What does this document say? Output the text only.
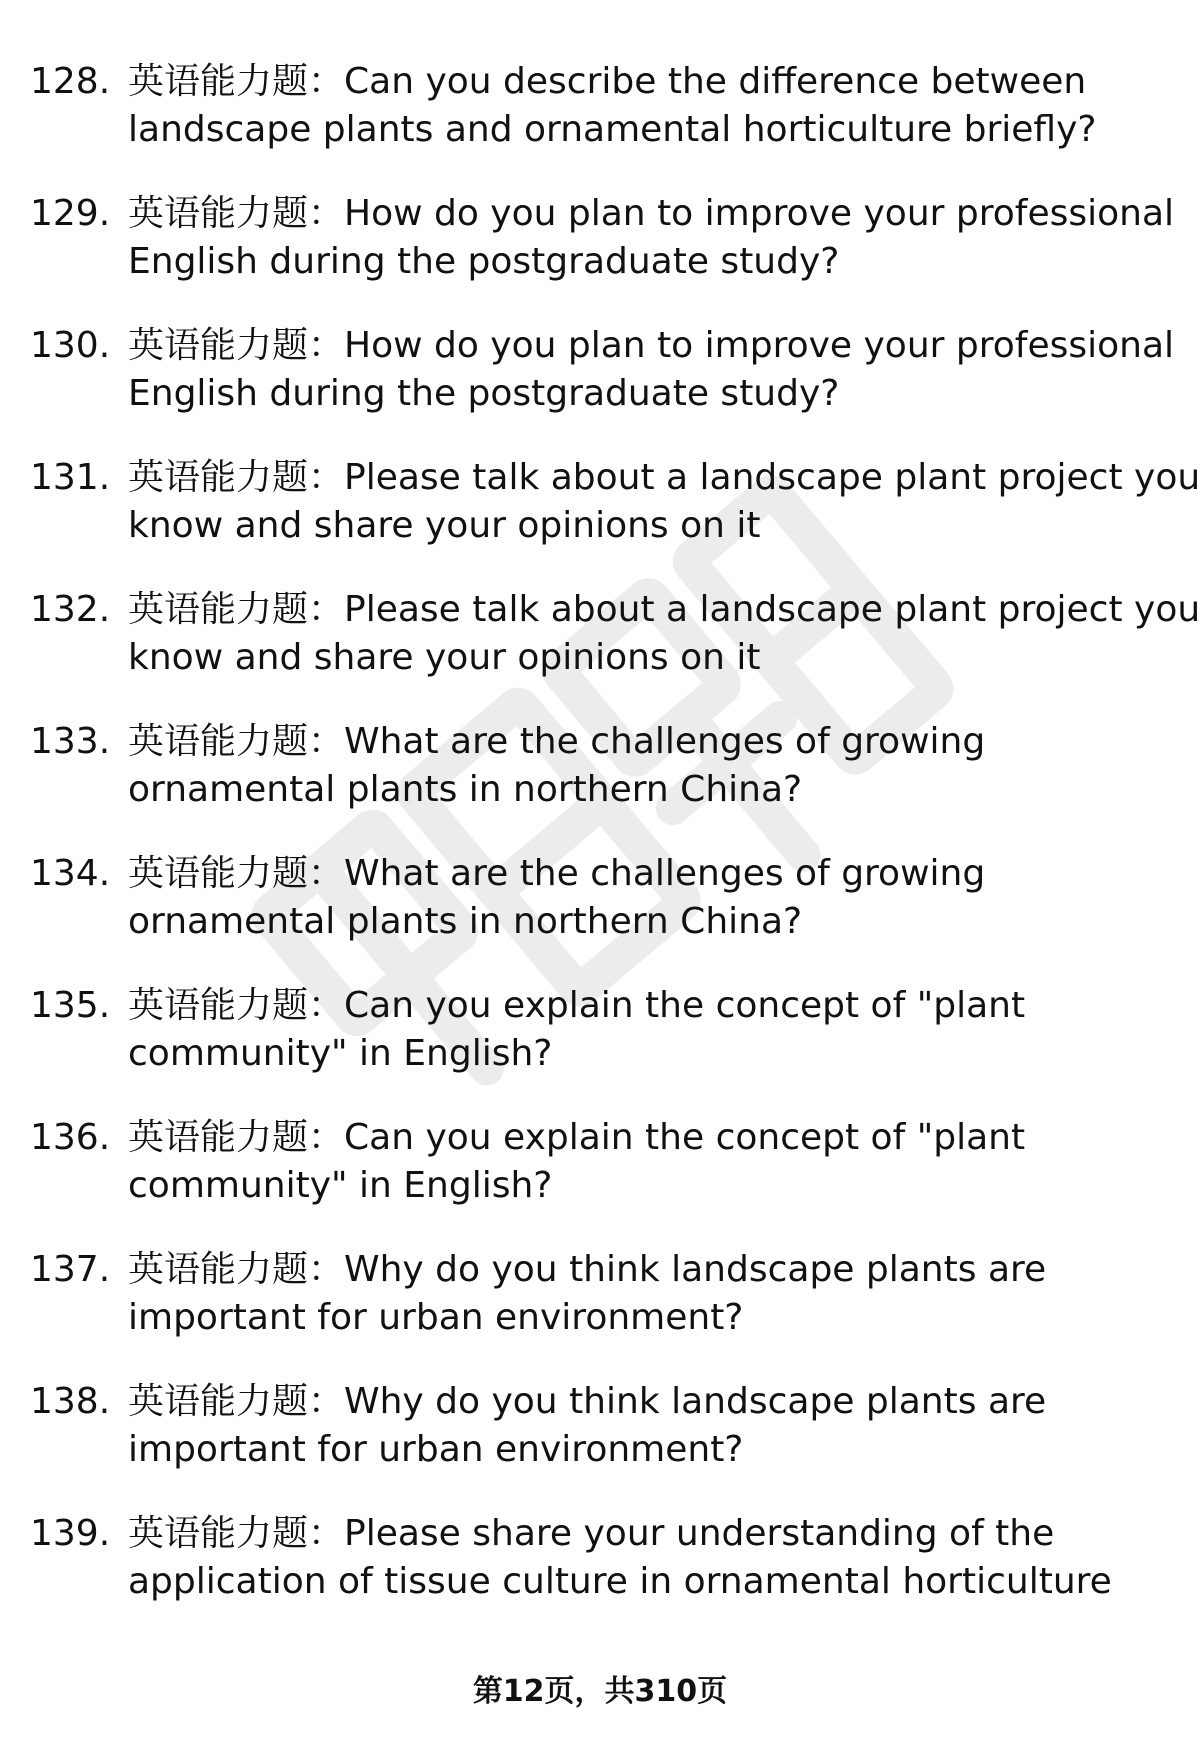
128. 英语能力题：Can you describe the difference between
landscape plants and ornamental horticulture briefly?
129. 英语能力题：How do you plan to improve your professional
English during the postgraduate study?
130. 英语能力题：How do you plan to improve your professional
English during the postgraduate study?
131. 英语能力题：Please talk about a landscape plant project you
know and share your opinions on it
132. 英语能力题：Please talk about a landscape plant project you
know and share your opinions on it
133. 英语能力题：What are the challenges of growing
ornamental plants in northern China?
134. 英语能力题：What are the challenges of growing
ornamental plants in northern China?
135. 英语能力题：Can you explain the concept of "plant
community" in English?
136. 英语能力题：Can you explain the concept of "plant
community" in English?
137. 英语能力题：Why do you think landscape plants are
important for urban environment?
138. 英语能力题：Why do you think landscape plants are
important for urban environment?
139. 英语能力题：Please share your understanding of the
application of tissue culture in ornamental horticulture
第12页，共310页
